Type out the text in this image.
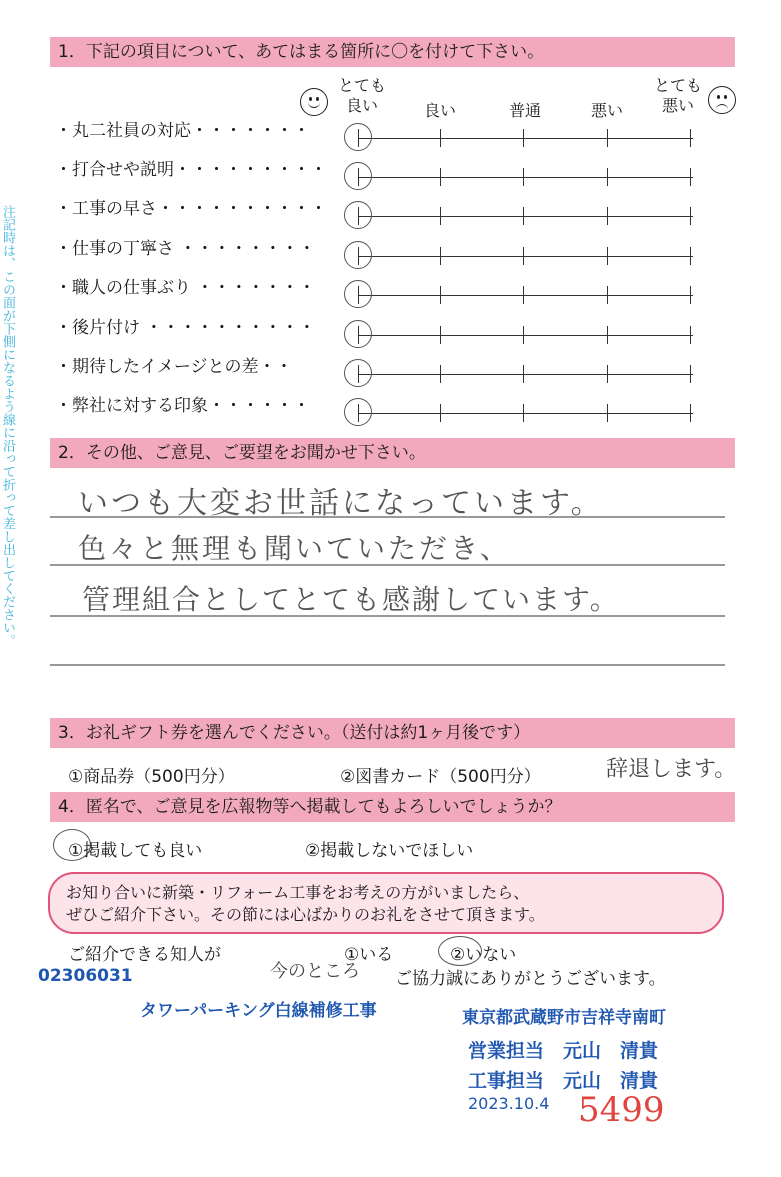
注記時は、この面が下側になるよう線に沿って折って差し出してください。
1．下記の項目について、あてはまる箇所に〇を付けて下さい。
とても
良い	良い	普通	悪い
とても
悪い
・丸二社員の対応・・・・・・・
・打合せや説明・・・・・・・・・
・工事の早さ・・・・・・・・・・
・仕事の丁寧さ ・・・・・・・・
・職人の仕事ぶり ・・・・・・・
・後片付け ・・・・・・・・・・
・期待したイメージとの差・・
・弊社に対する印象・・・・・・
2．その他、ご意見、ご要望をお聞かせ下さい。
いつも大変お世話になっています。
色々と無理も聞いていただき、
管理組合としてとても感謝しています。
3．お礼ギフト券を選んでください。（送付は約1ヶ月後です）
①商品券（500円分）	②図書カード（500円分）	辞退します。
4．匿名で、ご意見を広報物等へ掲載してもよろしいでしょうか？
①掲載しても良い	②掲載しないでほしい
お知り合いに新築・リフォーム工事をお考えの方がいましたら、
ぜひご紹介下さい。その節には心ばかりのお礼をさせて頂きます。
ご紹介できる知人が	①いる	②いない
今のところ ご協力誠にありがとうございます。
02306031
タワーパーキング白線補修工事	東京都武蔵野市吉祥寺南町
営業担当　元山　清貴
工事担当　元山　清貴
2023.10.4 5499
